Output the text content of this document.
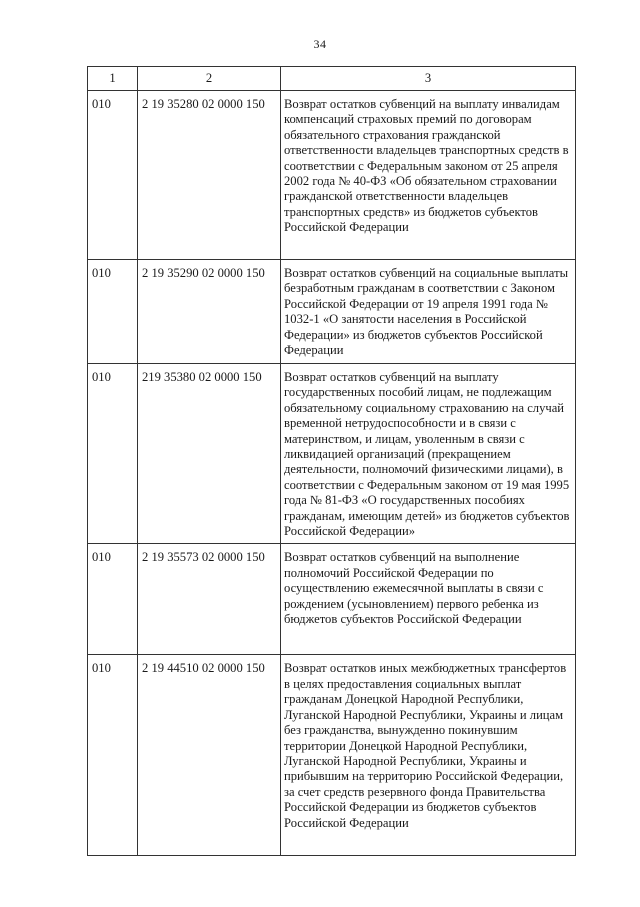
34
1	2	3
010	2 19 35280 02 0000 150	Возврат остатков субвенций на выплату инвалидам компенсаций страховых премий по договорам обязательного страхования гражданской ответственности владельцев транспортных средств в соответствии с Федеральным законом от 25 апреля 2002 года № 40-ФЗ «Об обязательном страховании гражданской ответственности владельцев транспортных средств» из бюджетов субъектов Российской Федерации
010	2 19 35290 02 0000 150	Возврат остатков субвенций на социальные выплаты безработным гражданам в соответствии с Законом Российской Федерации от 19 апреля 1991 года № 1032-1 «О занятости населения в Российской Федерации» из бюджетов субъектов Российской Федерации
010	219 35380 02 0000 150	Возврат остатков субвенций на выплату государственных пособий лицам, не подлежащим обязательному социальному страхованию на случай временной нетрудоспособности и в связи с материнством, и лицам, уволенным в связи с ликвидацией организаций (прекращением деятельности, полномочий физическими лицами), в соответствии с Федеральным законом от 19 мая 1995 года № 81-ФЗ «О государственных пособиях гражданам, имеющим детей» из бюджетов субъектов Российской Федерации»
010	2 19 35573 02 0000 150	Возврат остатков субвенций на выполнение полномочий Российской Федерации по осуществлению ежемесячной выплаты в связи с рождением (усыновлением) первого ребенка из бюджетов субъектов Российской Федерации
010	2 19 44510 02 0000 150	Возврат остатков иных межбюджетных трансфертов в целях предоставления социальных выплат гражданам Донецкой Народной Республики, Луганской Народной Республики, Украины и лицам без гражданства, вынужденно покинувшим территории Донецкой Народной Республики, Луганской Народной Республики, Украины и прибывшим на территорию Российской Федерации, за счет средств резервного фонда Правительства Российской Федерации из бюджетов субъектов Российской Федерации
